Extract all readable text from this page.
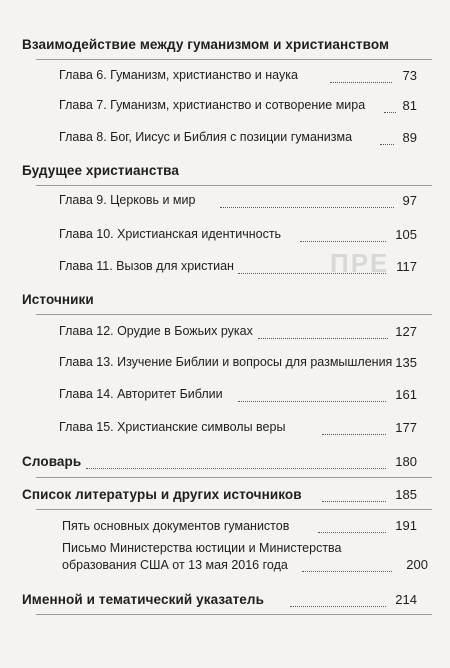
ПРЕ
Взаимодействие между гуманизмом и христианством
Глава 6. Гуманизм, христианство и наука	73
Глава 7. Гуманизм, христианство и сотворение мира	81
Глава 8. Бог, Иисус и Библия с позиции гуманизма	89
Будущее христианства
Глава 9. Церковь и мир	97
Глава 10. Христианская идентичность	105
Глава 11. Вызов для христиан	117
Источники
Глава 12. Орудие в Божьих руках	127
Глава 13. Изучение Библии и вопросы для размышления 135
Глава 14. Авторитет Библии	161
Глава 15. Христианские символы веры	177
Словарь	180
Список литературы и других источников	185
Пять основных документов гуманистов	191
Письмо Министерства юстиции и Министерства
образования США от 13 мая 2016 года	200
Именной и тематический указатель	214
